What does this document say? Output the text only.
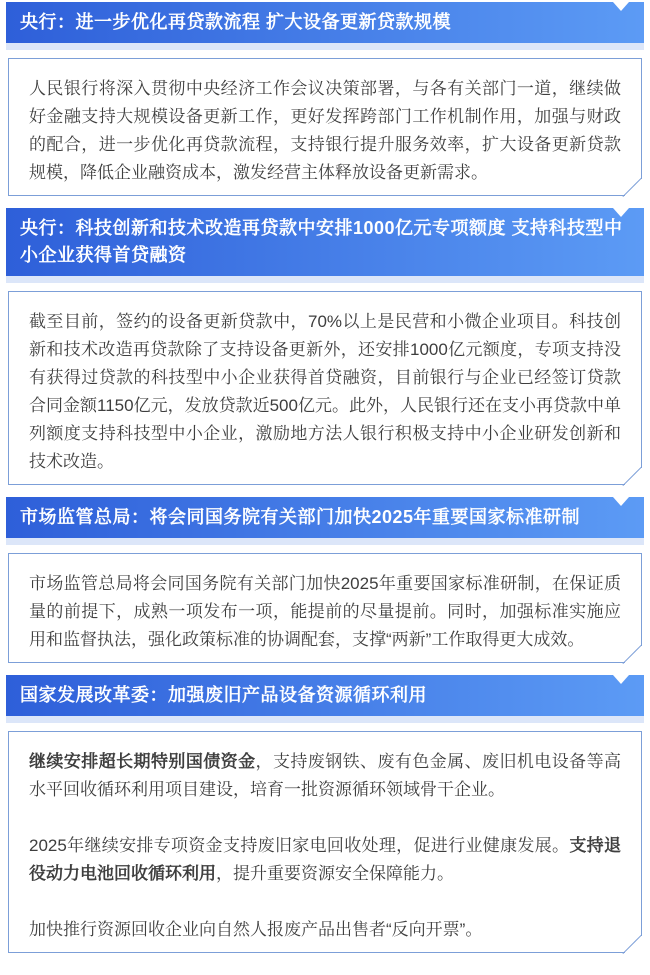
央行：进一步优化再贷款流程 扩大设备更新贷款规模

人民银行将深入贯彻中央经济工作会议决策部署，与各有关部门一道，继续做好金融支持大规模设备更新工作，更好发挥跨部门工作机制作用，加强与财政的配合，进一步优化再贷款流程，支持银行提升服务效率，扩大设备更新贷款规模，降低企业融资成本，激发经营主体释放设备更新需求。

央行：科技创新和技术改造再贷款中安排1000亿元专项额度 支持科技型中小企业获得首贷融资

截至目前，签约的设备更新贷款中，70%以上是民营和小微企业项目。科技创新和技术改造再贷款除了支持设备更新外，还安排1000亿元额度，专项支持没有获得过贷款的科技型中小企业获得首贷融资，目前银行与企业已经签订贷款合同金额1150亿元，发放贷款近500亿元。此外，人民银行还在支小再贷款中单列额度支持科技型中小企业，激励地方法人银行积极支持中小企业研发创新和技术改造。

市场监管总局：将会同国务院有关部门加快2025年重要国家标准研制

市场监管总局将会同国务院有关部门加快2025年重要国家标准研制，在保证质量的前提下，成熟一项发布一项，能提前的尽量提前。同时，加强标准实施应用和监督执法，强化政策标准的协调配套，支撑“两新”工作取得更大成效。

国家发展改革委：加强废旧产品设备资源循环利用

继续安排超长期特别国债资金，支持废钢铁、废有色金属、废旧机电设备等高水平回收循环利用项目建设，培育一批资源循环领域骨干企业。

2025年继续安排专项资金支持废旧家电回收处理，促进行业健康发展。支持退役动力电池回收循环利用，提升重要资源安全保障能力。

加快推行资源回收企业向自然人报废产品出售者“反向开票”。
